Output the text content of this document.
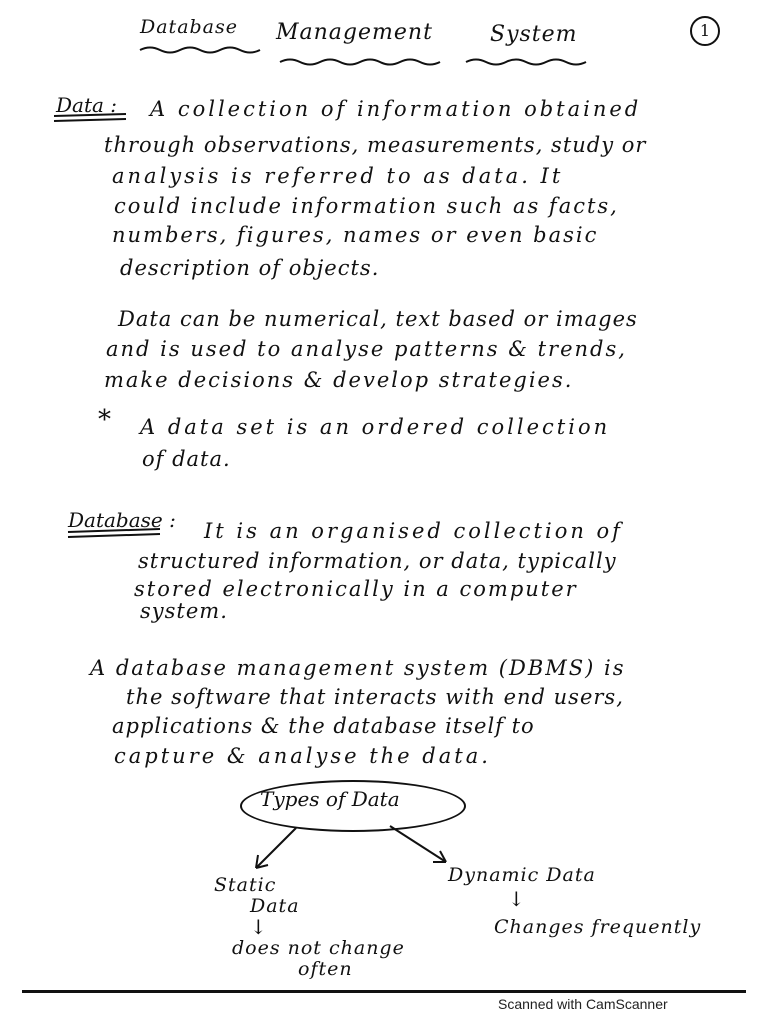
Database Management	System	1
Data : A collection of information obtained
through observations, measurements, study or
analysis is referred to as data. It
could include information such as facts,
numbers, figures, names or even basic
description of objects.
Data can be numerical, text based or images
and is used to analyse patterns & trends,
make decisions & develop strategies.
* A data set is an ordered collection
of data.
Database : It is an organised collection of
structured information, or data, typically
stored electronically in a computer
system.
A database management system (DBMS) is
the software that interacts with end users,
applications & the database itself to
capture & analyse the data.
Types of Data
Static
Data
↓
does not change
often
Dynamic Data
↓
Changes frequently
Scanned with CamScanner
